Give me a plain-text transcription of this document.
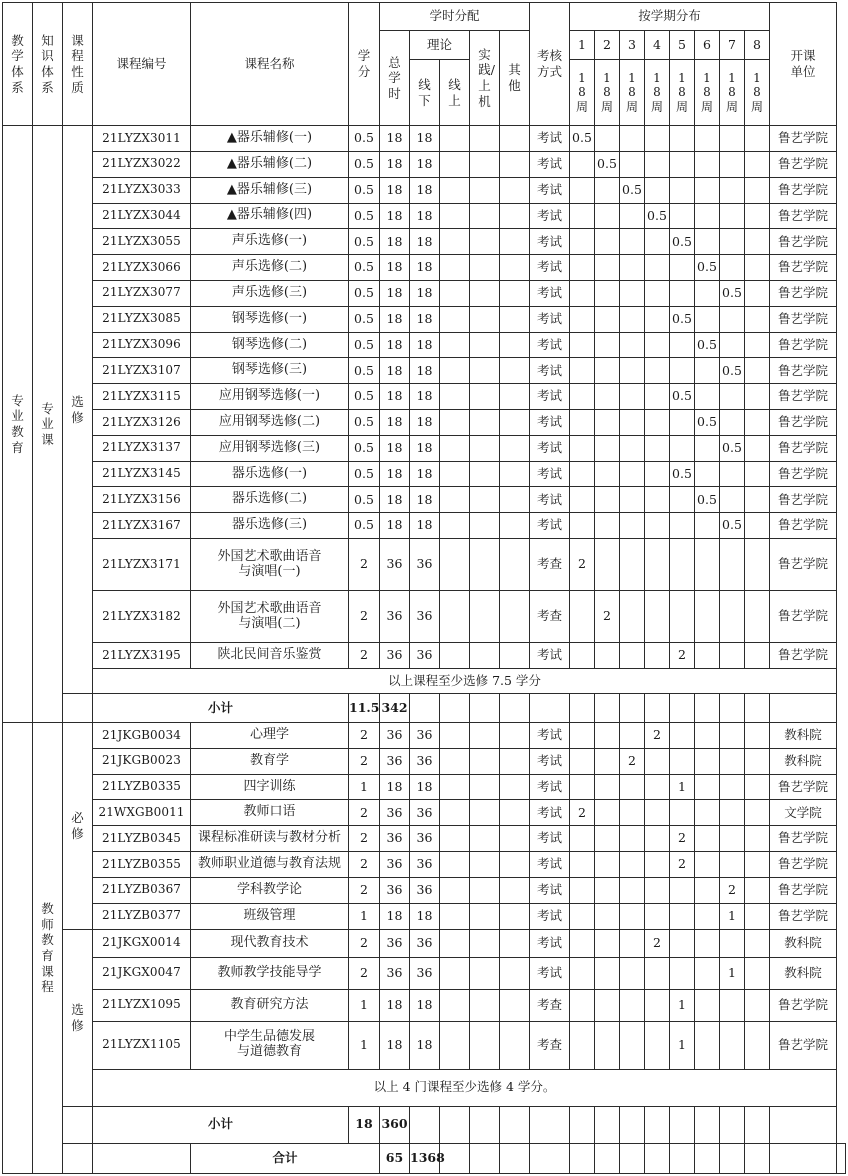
教学体系	知识体系	课程性质	课程编号	课程名称	学分	学时分配					考核方式	按学期分布								开课单位	
						总学时	理论		实践/上机	其他		1	2	3	4	5	6	7	8		
							线下	线上				18周	18周	18周	18周	18周	18周	18周	18周		
专业教育	专业课	选修	21LYZX3011	▲器乐辅修(一)	0.5	18	18				考试	0.5								鲁艺学院	
			21LYZX3022	▲器乐辅修(二)	0.5	18	18				考试		0.5							鲁艺学院	
			21LYZX3033	▲器乐辅修(三)	0.5	18	18				考试			0.5						鲁艺学院	
			21LYZX3044	▲器乐辅修(四)	0.5	18	18				考试				0.5					鲁艺学院	
			21LYZX3055	声乐选修(一)	0.5	18	18				考试					0.5				鲁艺学院	
			21LYZX3066	声乐选修(二)	0.5	18	18				考试						0.5			鲁艺学院	
			21LYZX3077	声乐选修(三)	0.5	18	18				考试							0.5		鲁艺学院	
			21LYZX3085	钢琴选修(一)	0.5	18	18				考试					0.5				鲁艺学院	
			21LYZX3096	钢琴选修(二)	0.5	18	18				考试						0.5			鲁艺学院	
			21LYZX3107	钢琴选修(三)	0.5	18	18				考试							0.5		鲁艺学院	
			21LYZX3115	应用钢琴选修(一)	0.5	18	18				考试					0.5				鲁艺学院	
			21LYZX3126	应用钢琴选修(二)	0.5	18	18				考试						0.5			鲁艺学院	
			21LYZX3137	应用钢琴选修(三)	0.5	18	18				考试							0.5		鲁艺学院	
			21LYZX3145	器乐选修(一)	0.5	18	18				考试					0.5				鲁艺学院	
			21LYZX3156	器乐选修(二)	0.5	18	18				考试						0.5			鲁艺学院	
			21LYZX3167	器乐选修(三)	0.5	18	18				考试							0.5		鲁艺学院	
			21LYZX3171	外国艺术歌曲语音
与演唱(一)	2	36	36				考查	2								鲁艺学院	
			21LYZX3182	外国艺术歌曲语音
与演唱(二)	2	36	36				考查		2							鲁艺学院	
			21LYZX3195	陕北民间音乐鉴赏	2	36	36				考试					2				鲁艺学院	
			以上课程至少选修 7.5 学分																		
			小计		11.5	342															
	教师教育课程	必修	21JKGB0034	心理学	2	36	36				考试				2					教科院	
			21JKGB0023	教育学	2	36	36				考试			2						教科院	
			21LYZB0335	四字训练	1	18	18				考试					1				鲁艺学院	
			21WXGB0011	教师口语	2	36	36				考试	2								文学院	
			21LYZB0345	课程标准研读与教材分析	2	36	36				考试					2				鲁艺学院	
			21LYZB0355	教师职业道德与教育法规	2	36	36				考试					2				鲁艺学院	
			21LYZB0367	学科教学论	2	36	36				考试							2		鲁艺学院	
			21LYZB0377	班级管理	1	18	18				考试							1		鲁艺学院	
		选修	21JKGX0014	现代教育技术	2	36	36				考试				2					教科院	
			21JKGX0047	教师教学技能导学	2	36	36				考试							1		教科院	
			21LYZX1095	教育研究方法	1	18	18				考查					1				鲁艺学院	
			21LYZX1105	中学生品德发展
与道德教育	1	18	18				考查					1				鲁艺学院	
			以上 4 门课程至少选修 4 学分。																		
			小计		18	360															
				合计		65	1368														
